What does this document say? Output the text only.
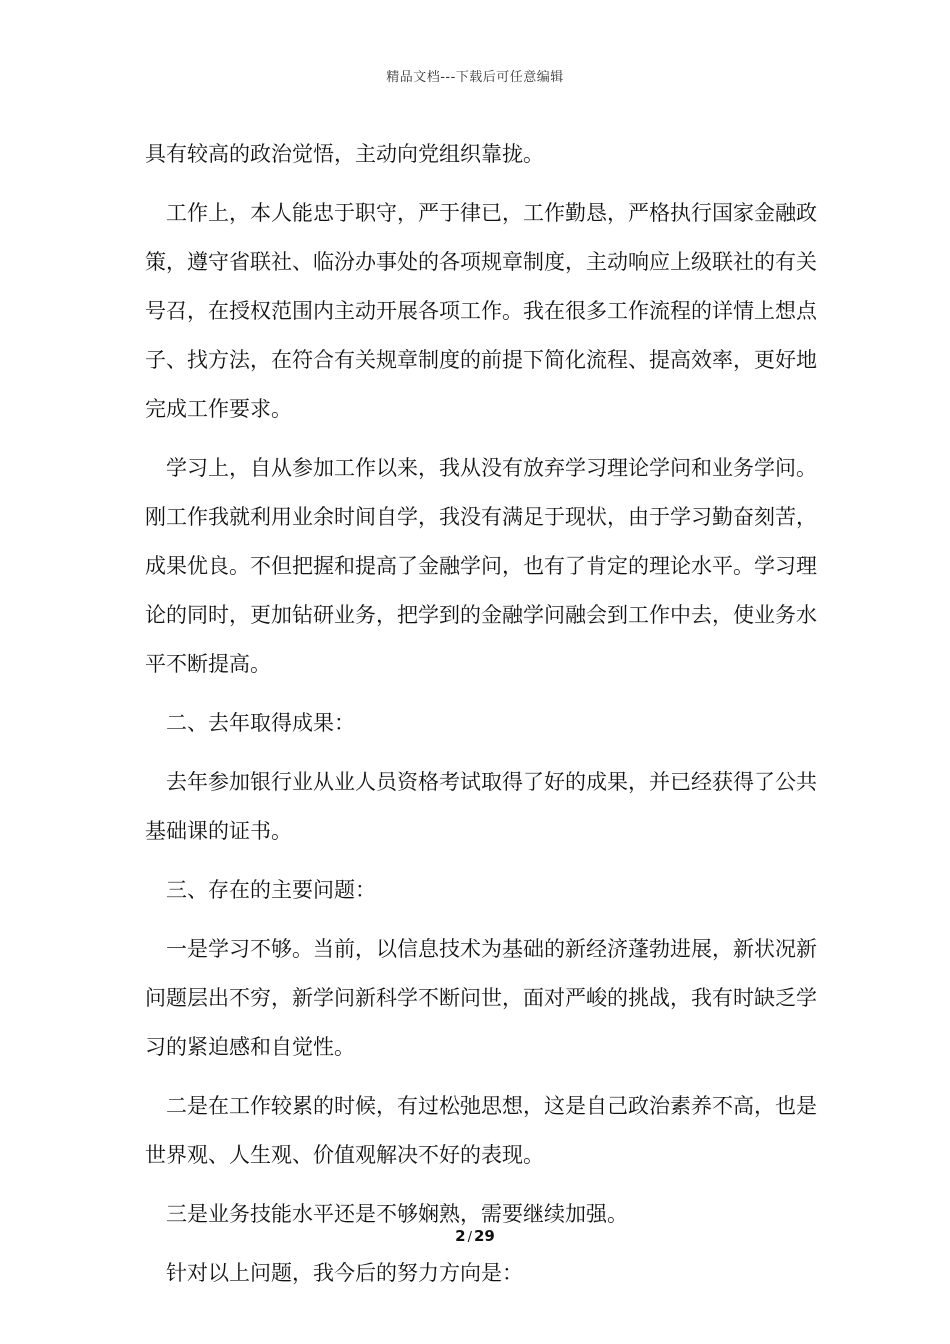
精品文档---下载后可任意编辑

具有较高的政治觉悟，主动向党组织靠拢。

工作上，本人能忠于职守，严于律已，工作勤恳，严格执行国家金融政策，遵守省联社、临汾办事处的各项规章制度，主动响应上级联社的有关号召，在授权范围内主动开展各项工作。我在很多工作流程的详情上想点子、找方法，在符合有关规章制度的前提下简化流程、提高效率，更好地完成工作要求。

学习上，自从参加工作以来，我从没有放弃学习理论学问和业务学问。刚工作我就利用业余时间自学，我没有满足于现状，由于学习勤奋刻苦，成果优良。不但把握和提高了金融学问，也有了肯定的理论水平。学习理论的同时，更加钻研业务，把学到的金融学问融会到工作中去，使业务水平不断提高。

二、去年取得成果：

去年参加银行业从业人员资格考试取得了好的成果，并已经获得了公共基础课的证书。

三、存在的主要问题：

一是学习不够。当前，以信息技术为基础的新经济蓬勃进展，新状况新问题层出不穷，新学问新科学不断问世，面对严峻的挑战，我有时缺乏学习的紧迫感和自觉性。

二是在工作较累的时候，有过松弛思想，这是自己政治素养不高，也是世界观、人生观、价值观解决不好的表现。

三是业务技能水平还是不够娴熟，需要继续加强。

针对以上问题，我今后的努力方向是：

2 / 29
